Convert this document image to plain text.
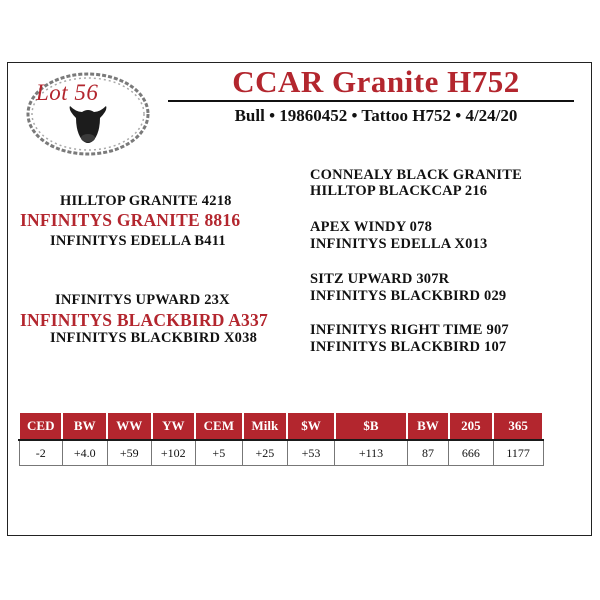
Lot 56	CCAR Granite H752
Bull • 19860452 • Tattoo H752 • 4/24/20
HILLTOP GRANITE 4218
INFINITYS GRANITE 8816
INFINITYS EDELLA B411
INFINITYS UPWARD 23X
INFINITYS BLACKBIRD A337
INFINITYS BLACKBIRD X038
CONNEALY BLACK GRANITE
HILLTOP BLACKCAP 216
APEX WINDY 078
INFINITYS EDELLA X013
SITZ UPWARD 307R
INFINITYS BLACKBIRD 029
INFINITYS RIGHT TIME 907
INFINITYS BLACKBIRD 107
CED	BW	WW	YW	CEM	Milk	$W	$B	BW	205	365
-2	+4.0	+59	+102	+5	+25	+53	+113	87	666	1177
